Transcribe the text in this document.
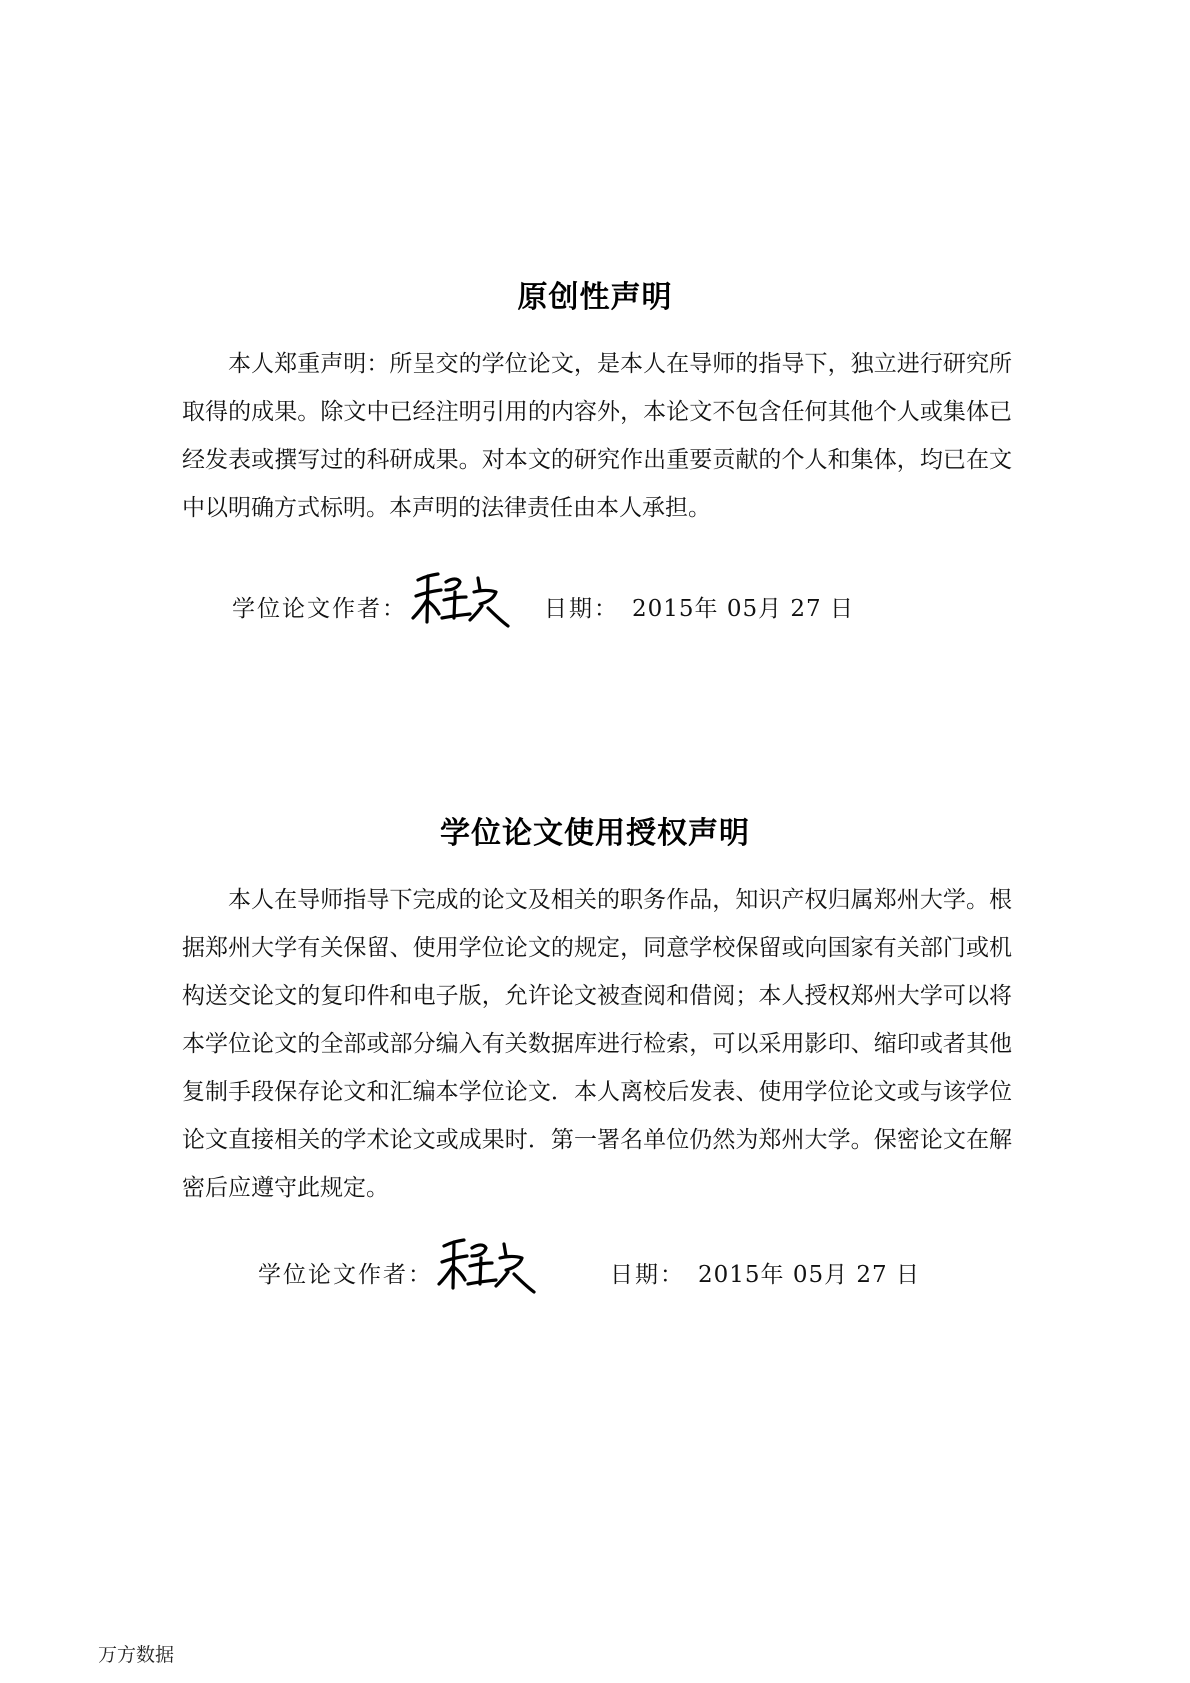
原创性声明
本人郑重声明：所呈交的学位论文，是本人在导师的指导下，独立进行研究所取得的成果。除文中已经注明引用的内容外，本论文不包含任何其他个人或集体已经发表或撰写过的科研成果。对本文的研究作出重要贡献的个人和集体，均已在文中以明确方式标明。本声明的法律责任由本人承担。
学位论文作者：
程点
日期： 2015年 05月 27 日
学位论文使用授权声明
本人在导师指导下完成的论文及相关的职务作品，知识产权归属郑州大学。根据郑州大学有关保留、使用学位论文的规定，同意学校保留或向国家有关部门或机构送交论文的复印件和电子版，允许论文被查阅和借阅；本人授权郑州大学可以将本学位论文的全部或部分编入有关数据库进行检索，可以采用影印、缩印或者其他复制手段保存论文和汇编本学位论文．本人离校后发表、使用学位论文或与该学位论文直接相关的学术论文或成果时．第一署名单位仍然为郑州大学。保密论文在解密后应遵守此规定。
学位论文作者：
程点
日期： 2015年 05月 27 日
万方数据
